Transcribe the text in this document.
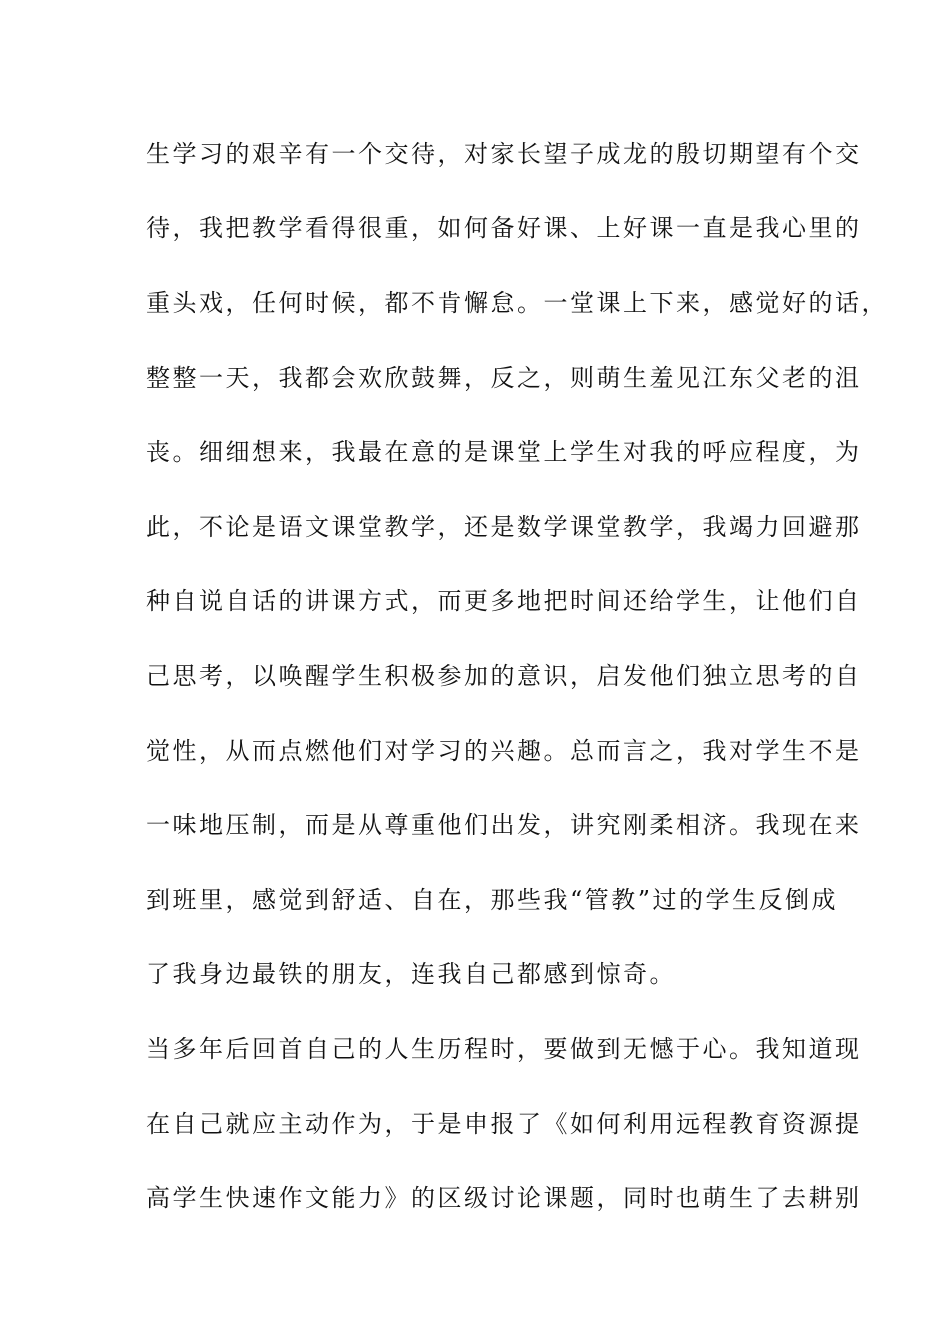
生学习的艰辛有一个交待，对家长望子成龙的殷切期望有个交
待，我把教学看得很重，如何备好课、上好课一直是我心里的
重头戏，任何时候，都不肯懈怠。一堂课上下来，感觉好的话，
整整一天，我都会欢欣鼓舞，反之，则萌生羞见江东父老的沮
丧。细细想来，我最在意的是课堂上学生对我的呼应程度，为
此，不论是语文课堂教学，还是数学课堂教学，我竭力回避那
种自说自话的讲课方式，而更多地把时间还给学生，让他们自
己思考，以唤醒学生积极参加的意识，启发他们独立思考的自
觉性，从而点燃他们对学习的兴趣。总而言之，我对学生不是
一味地压制，而是从尊重他们出发，讲究刚柔相济。我现在来
到班里，感觉到舒适、自在，那些我“管教”过的学生反倒成
了我身边最铁的朋友，连我自己都感到惊奇。
当多年后回首自己的人生历程时，要做到无憾于心。我知道现
在自己就应主动作为，于是申报了《如何利用远程教育资源提
高学生快速作文能力》的区级讨论课题，同时也萌生了去耕别
